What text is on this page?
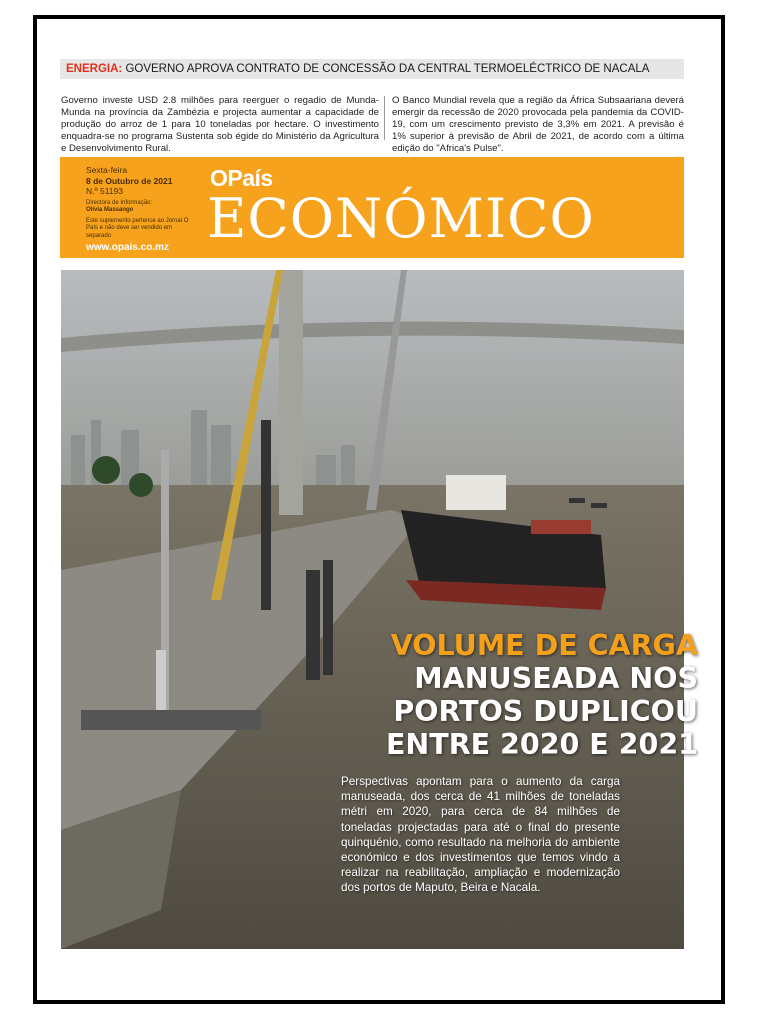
ENERGIA: GOVERNO APROVA CONTRATO DE CONCESSÃO DA CENTRAL TERMOELÉCTRICO DE NACALA

Governo investe USD 2.8 milhões para reerguer o regadio de Munda-Munda na província da Zambézia e projecta aumentar a capacidade de produção do arroz de 1 para 10 toneladas por hectare. O investimento enquadra-se no programa Sustenta sob égide do Ministério da Agricultura e Desenvolvimento Rural.

O Banco Mundial revela que a região da África Subsaariana deverá emergir da recessão de 2020 provocada pela pandemia da COVID-19, com um crescimento previsto de 3,3% em 2021. A previsão é 1% superior à previsão de Abril de 2021, de acordo com a última edição do "Africa's Pulse".

Sexta-feira
8 de Outubro de 2021
N.º 51193
Directora de Informação:
Olívia Massango
Este suplemento pertence ao Jornal O País e não deve ser vendido em separado
www.opais.co.mz
OPaís
ECONÓMICO
VOLUME DE CARGA
MANUSEADA NOS
PORTOS DUPLICOU
ENTRE 2020 E 2021

Perspectivas apontam para o aumento da carga manuseada, dos cerca de 41 milhões de toneladas métri em 2020, para cerca de 84 milhões de toneladas projectadas para até o final do presente quinquénio, como resultado na melhoria do ambiente económico e dos investimentos que temos vindo a realizar na reabilitação, ampliação e modernização dos portos de Maputo, Beira e Nacala.
